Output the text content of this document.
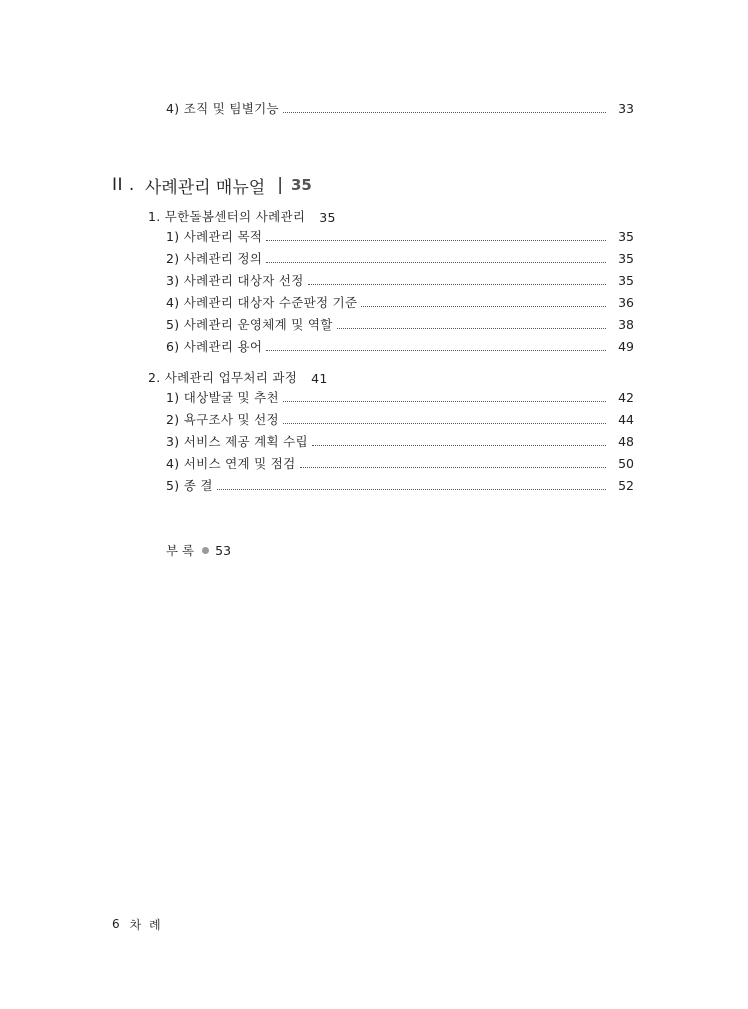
4) 조직 및 팀별기능	33
II . 사례관리 매뉴얼 | 35
1. 무한돌봄센터의 사례관리 35
1) 사례관리 목적	35
2) 사례관리 정의	35
3) 사례관리 대상자 선정	35
4) 사례관리 대상자 수준판정 기준	36
5) 사례관리 운영체계 및 역할	38
6) 사례관리 용어	49
2. 사례관리 업무처리 과정 41
1) 대상발굴 및 추천	42
2) 욕구조사 및 선정	44
3) 서비스 제공 계획 수립	48
4) 서비스 연계 및 점검	50
5) 종 결	52
부 록 53
6 차 례
